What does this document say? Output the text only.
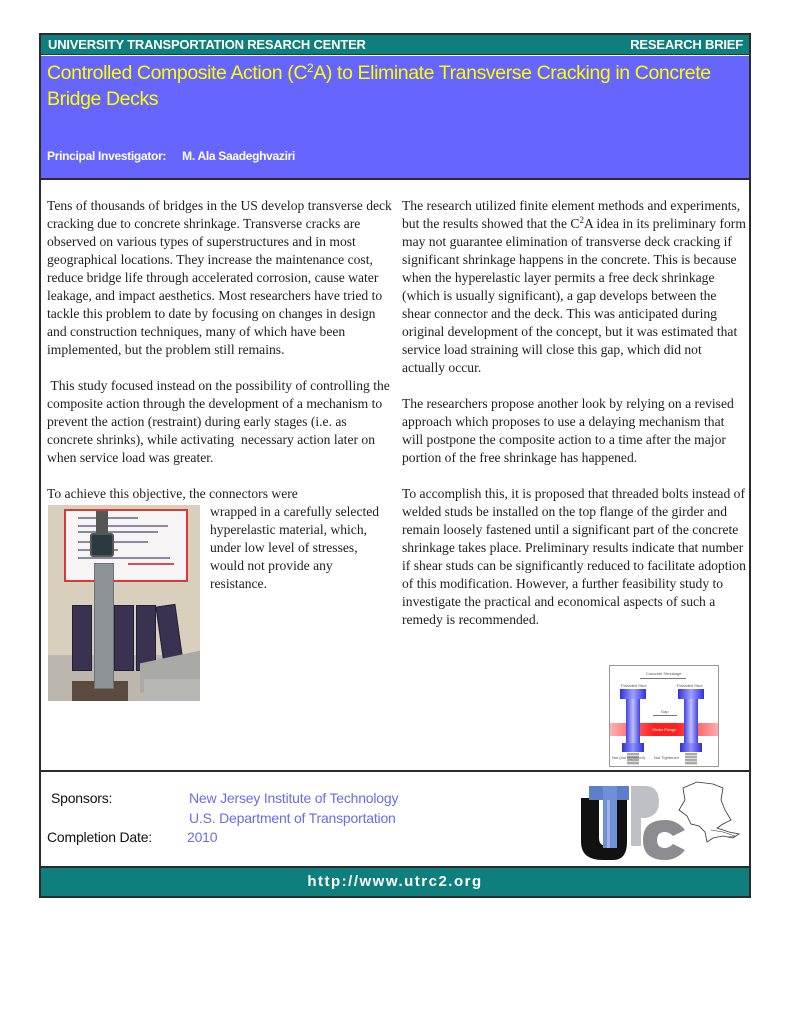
UNIVERSITY TRANSPORTATION RESARCH CENTER	RESEARCH BRIEF
Controlled Composite Action $(C^2A)$ to Eliminate Transverse Cracking in Concrete Bridge Decks
Principal Investigator: M. Ala Saadeghvaziri

Tens of thousands of bridges in the US develop transverse deck cracking due to concrete shrinkage. Transverse cracks are observed on various types of superstructures and in most geographical locations. They increase the maintenance cost, reduce bridge life through accelerated corrosion, cause water leakage, and impact aesthetics. Most researchers have tried to tackle this problem to date by focusing on changes in design and construction techniques, many of which have been implemented, but the problem still remains.

This study focused instead on the possibility of controlling the composite action through the development of a mechanism to prevent the action (restraint) during early stages (i.e. as concrete shrinks), while activating  necessary action later on when service load was greater.

To achieve this objective, the connectors were

wrapped in a carefully selected hyperelastic material, which, under low level of stresses, would not provide any resistance.

The research utilized finite element methods and experiments, but the results showed that the $C^2A$ idea in its preliminary form may not guarantee elimination of transverse deck cracking if significant shrinkage happens in the concrete. This is because when the hyperelastic layer permits a free deck shrinkage (which is usually significant), a gap develops between the shear connector and the deck. This was anticipated during original development of the concept, but it was estimated that service load straining will close this gap, which did not actually occur.

The researchers propose another look by relying on a revised approach which proposes to use a delaying mechanism that will postpone the composite action to a time after the major portion of the free shrinkage has happened.

To accomplish this, it is proposed that threaded bolts instead of welded studs be installed on the top flange of the girder and remain loosely fastened until a significant part of the concrete shrinkage takes place. Preliminary results indicate that number if shear studs can be significantly reduced to facilitate adoption of this modification. However, a further feasibility study to investigate the practical and economical aspects of such a remedy is recommended.

Concrete Shrinkage
Threaded Stud	Threaded Stud
Gap
Girder Flange
Nut (not tightened) Nut Tightened
Sponsors:	New Jersey Institute of Technology
U.S. Department of Transportation
Completion Date:	2010
http://www.utrc2.org
